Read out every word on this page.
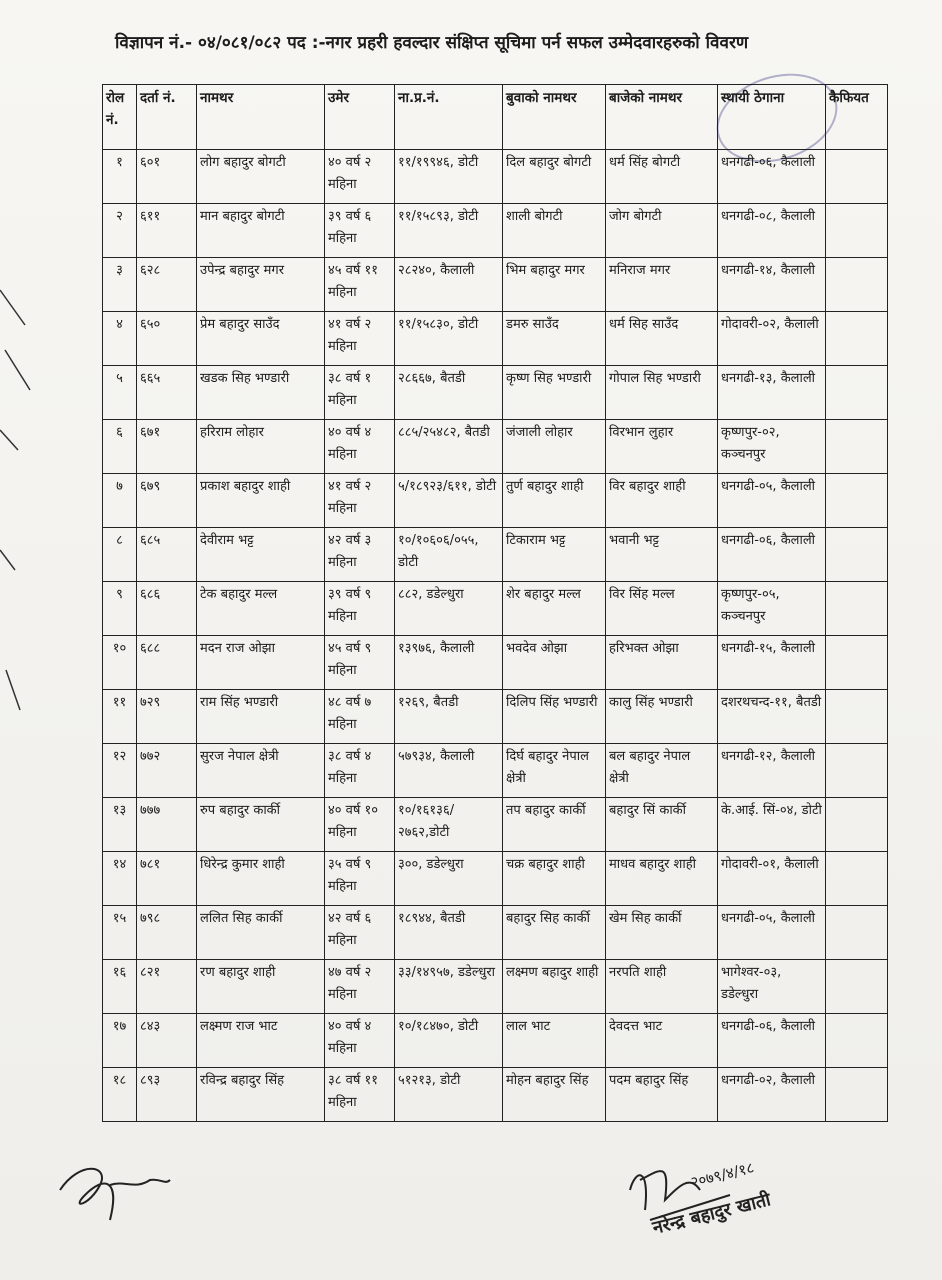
विज्ञापन नं.- ०४/०८१/०८२ पद :-नगर प्रहरी हवल्दार संक्षिप्त सूचिमा पर्न सफल उम्मेदवारहरुको विवरण
रोल नं.	दर्ता नं.	नामथर	उमेर	ना.प्र.नं.	बुवाको नामथर	बाजेको नामथर	स्थायी ठेगाना	कैफियत
१	६०१	लोग बहादुर बोगटी	४० वर्ष २ महिना	११/१९९४६, डोटी	दिल बहादुर बोगटी	धर्म सिंह बोगटी	धनगढी-०६, कैलाली	
२	६११	मान बहादुर बोगटी	३९ वर्ष ६ महिना	११/१५८९३, डोटी	शाली बोगटी	जोग बोगटी	धनगढी-०८, कैलाली	
३	६२८	उपेन्द्र बहादुर मगर	४५ वर्ष ११ महिना	२८२४०, कैलाली	भिम बहादुर मगर	मनिराज मगर	धनगढी-१४, कैलाली	
४	६५०	प्रेम बहादुर साउँद	४१ वर्ष २ महिना	११/१५८३०, डोटी	डमरु साउँद	धर्म सिह साउँद	गोदावरी-०२, कैलाली	
५	६६५	खडक सिह भण्डारी	३८ वर्ष १ महिना	२८६६७, बैतडी	कृष्ण सिह भण्डारी	गोपाल सिह भण्डारी	धनगढी-१३, कैलाली	
६	६७१	हरिराम लोहार	४० वर्ष ४ महिना	८८५/२५४८२, बैतडी	जंजाली लोहार	विरभान लुहार	कृष्णपुर-०२, कञ्चनपुर	
७	६७९	प्रकाश बहादुर शाही	४१ वर्ष २ महिना	५/१८९२३/६११, डोटी	तुर्ण बहादुर शाही	विर बहादुर शाही	धनगढी-०५, कैलाली	
८	६८५	देवीराम भट्ट	४२ वर्ष ३ महिना	१०/१०६०६/०५५, डोटी	टिकाराम भट्ट	भवानी भट्ट	धनगढी-०६, कैलाली	
९	६८६	टेक बहादुर मल्ल	३९ वर्ष ९ महिना	८८२, डडेल्धुरा	शेर बहादुर मल्ल	विर सिंह मल्ल	कृष्णपुर-०५, कञ्चनपुर	
१०	६८८	मदन राज ओझा	४५ वर्ष ९ महिना	१३९७६, कैलाली	भवदेव ओझा	हरिभक्त ओझा	धनगढी-१५, कैलाली	
११	७२९	राम सिंह भण्डारी	४८ वर्ष ७ महिना	१२६९, बैतडी	दिलिप सिंह भण्डारी	कालु सिंह भण्डारी	दशरथचन्द-११, बैतडी	
१२	७७२	सुरज नेपाल क्षेत्री	३८ वर्ष ४ महिना	५७९३४, कैलाली	दिर्घ बहादुर नेपाल क्षेत्री	बल बहादुर नेपाल क्षेत्री	धनगढी-१२, कैलाली	
१३	७७७	रुप बहादुर कार्की	४० वर्ष १० महिना	१०/१६१३६/ २७६२,डोटी	तप बहादुर कार्की	बहादुर सिं कार्की	के.आई. सिं-०४, डोटी	
१४	७८१	धिरेन्द्र कुमार शाही	३५ वर्ष ९ महिना	३००, डडेल्धुरा	चक्र बहादुर शाही	माधव बहादुर शाही	गोदावरी-०१, कैलाली	
१५	७९८	ललित सिह कार्की	४२ वर्ष ६ महिना	१८९४४, बैतडी	बहादुर सिह कार्की	खेम सिह कार्की	धनगढी-०५, कैलाली	
१६	८२१	रण बहादुर शाही	४७ वर्ष २ महिना	३३/१४९५७, डडेल्धुरा	लक्ष्मण बहादुर शाही	नरपति शाही	भागेश्वर-०३, डडेल्धुरा	
१७	८४३	लक्ष्मण राज भाट	४० वर्ष ४ महिना	१०/१८४७०, डोटी	लाल भाट	देवदत्त भाट	धनगढी-०६, कैलाली	
१८	८९३	रविन्द्र बहादुर सिंह	३८ वर्ष ११ महिना	५१२१३, डोटी	मोहन बहादुर सिंह	पदम बहादुर सिंह	धनगढी-०२, कैलाली	
नरेन्द्र बहादुर खाती
२०७९/४/१८
